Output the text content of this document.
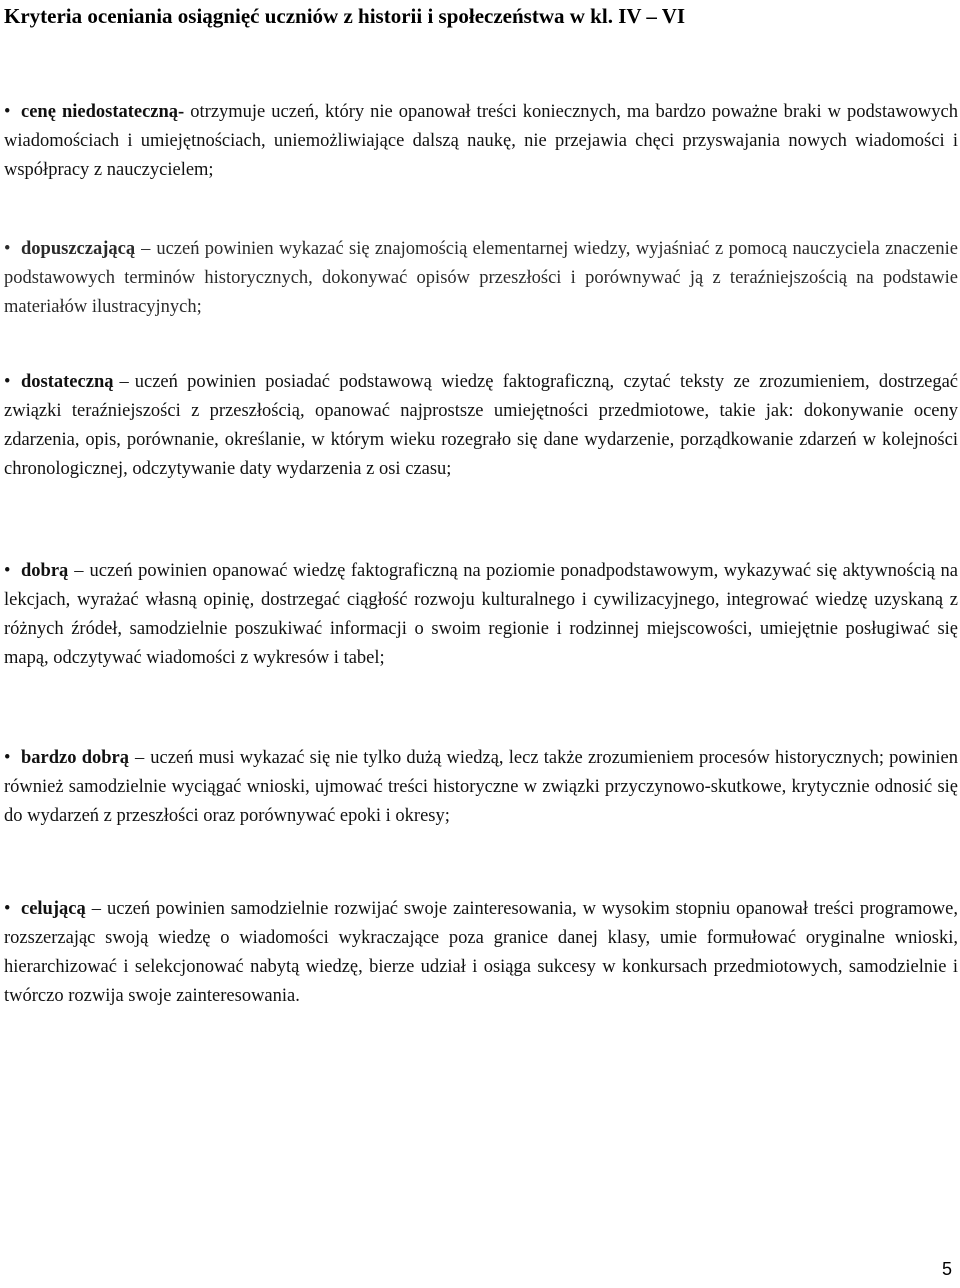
Kryteria oceniania osiągnięć uczniów z historii i społeczeństwa w kl. IV – VI
• cenę niedostateczną- otrzymuje uczeń, który nie opanował treści koniecznych, ma bardzo poważne braki w podstawowych wiadomościach i umiejętnościach, uniemożliwiające dalszą naukę, nie przejawia chęci przyswajania nowych wiadomości i współpracy z nauczycielem;
• dopuszczającą – uczeń powinien wykazać się znajomością elementarnej wiedzy, wyjaśniać z pomocą nauczyciela znaczenie podstawowych terminów historycznych, dokonywać opisów przeszłości i porównywać ją z teraźniejszością na podstawie materiałów ilustracyjnych;
• dostateczną – uczeń powinien posiadać podstawową wiedzę faktograficzną, czytać teksty ze zrozumieniem, dostrzegać związki teraźniejszości z przeszłością, opanować najprostsze umiejętności przedmiotowe, takie jak: dokonywanie oceny zdarzenia, opis, porównanie, określanie, w którym wieku rozegrało się dane wydarzenie, porządkowanie zdarzeń w kolejności chronologicznej, odczytywanie daty wydarzenia z osi czasu;
• dobrą – uczeń powinien opanować wiedzę faktograficzną na poziomie ponadpodstawowym, wykazywać się aktywnością na lekcjach, wyrażać własną opinię, dostrzegać ciągłość rozwoju kulturalnego i cywilizacyjnego, integrować wiedzę uzyskaną z różnych źródeł, samodzielnie poszukiwać informacji o swoim regionie i rodzinnej miejscowości, umiejętnie posługiwać się mapą, odczytywać wiadomości z wykresów i tabel;
• bardzo dobrą – uczeń musi wykazać się nie tylko dużą wiedzą, lecz także zrozumieniem procesów historycznych; powinien również samodzielnie wyciągać wnioski, ujmować treści historyczne w związki przyczynowo-skutkowe, krytycznie odnosić się do wydarzeń z przeszłości oraz porównywać epoki i okresy;
• celującą – uczeń powinien samodzielnie rozwijać swoje zainteresowania, w wysokim stopniu opanował treści programowe, rozszerzając swoją wiedzę o wiadomości wykraczające poza granice danej klasy, umie formułować oryginalne wnioski, hierarchizować i selekcjonować nabytą wiedzę, bierze udział i osiąga sukcesy w konkursach przedmiotowych, samodzielnie i twórczo rozwija swoje zainteresowania.
5
